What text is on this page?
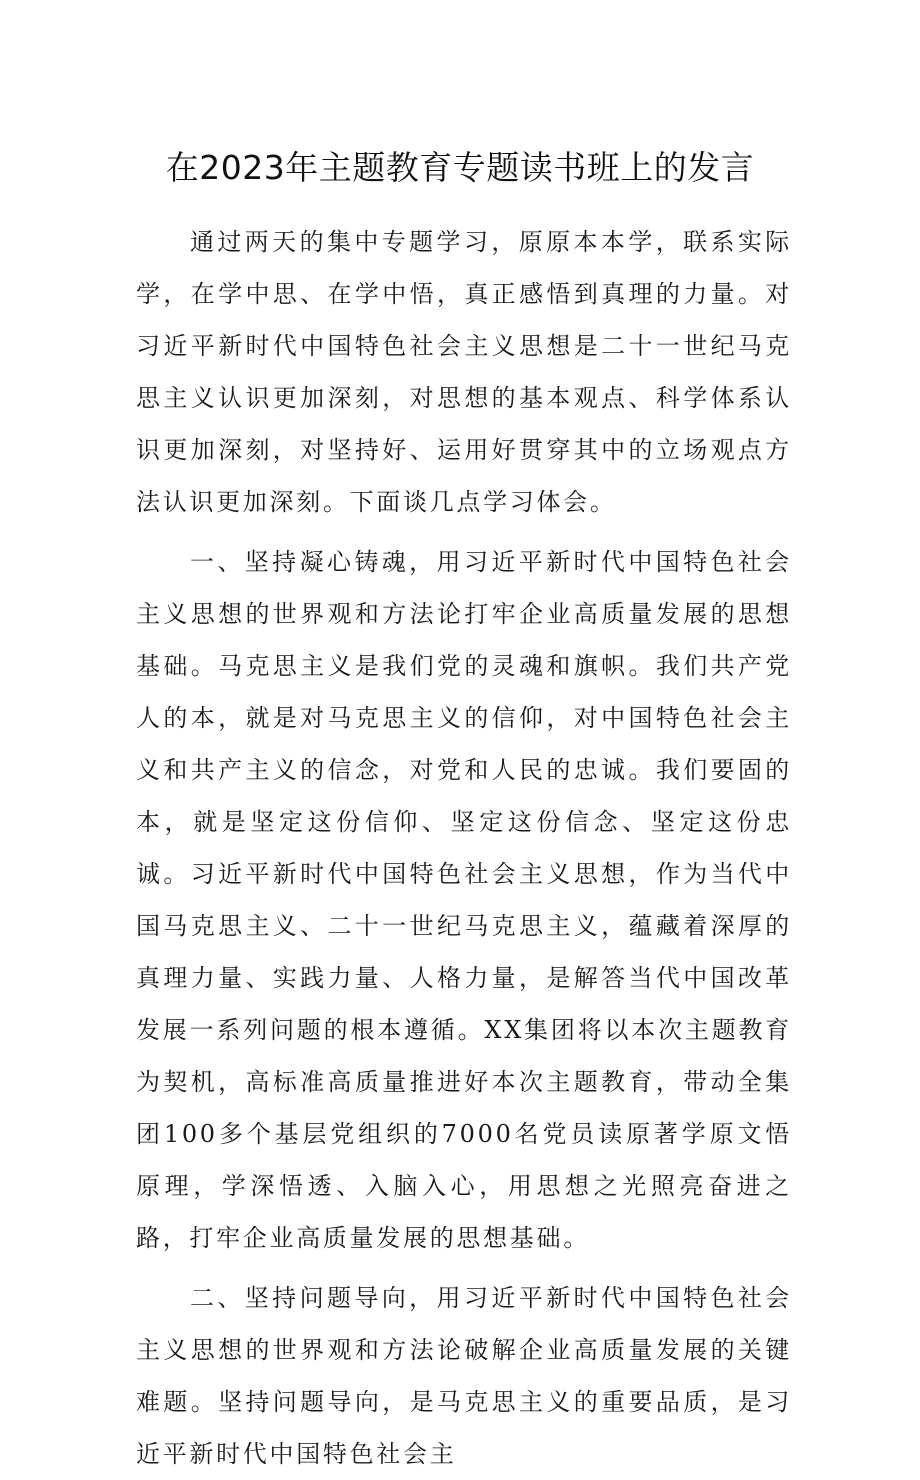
在2023年主题教育专题读书班上的发言

通过两天的集中专题学习，原原本本学，联系实际学，在学中思、在学中悟，真正感悟到真理的力量。对习近平新时代中国特色社会主义思想是二十一世纪马克思主义认识更加深刻，对思想的基本观点、科学体系认识更加深刻，对坚持好、运用好贯穿其中的立场观点方法认识更加深刻。下面谈几点学习体会。

一、坚持凝心铸魂，用习近平新时代中国特色社会主义思想的世界观和方法论打牢企业高质量发展的思想基础。马克思主义是我们党的灵魂和旗帜。我们共产党人的本，就是对马克思主义的信仰，对中国特色社会主义和共产主义的信念，对党和人民的忠诚。我们要固的本，就是坚定这份信仰、坚定这份信念、坚定这份忠诚。习近平新时代中国特色社会主义思想，作为当代中国马克思主义、二十一世纪马克思主义，蕴藏着深厚的真理力量、实践力量、人格力量，是解答当代中国改革发展一系列问题的根本遵循。XX集团将以本次主题教育为契机，高标准高质量推进好本次主题教育，带动全集团100多个基层党组织的7000名党员读原著学原文悟原理，学深悟透、入脑入心，用思想之光照亮奋进之路，打牢企业高质量发展的思想基础。

二、坚持问题导向，用习近平新时代中国特色社会主义思想的世界观和方法论破解企业高质量发展的关键难题。坚持问题导向，是马克思主义的重要品质，是习近平新时代中国特色社会主
